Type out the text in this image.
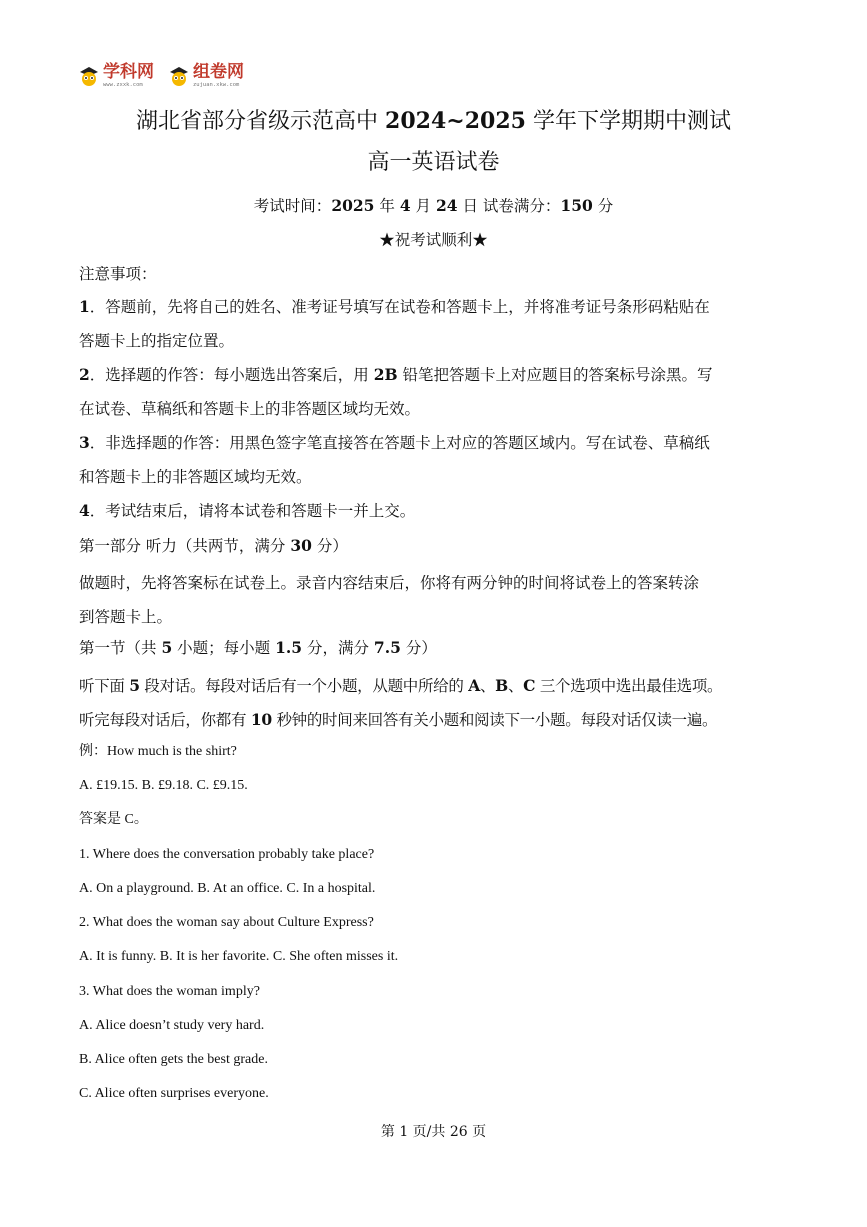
学科网
www.zxxk.com
组卷网
zujuan.xkw.com
湖北省部分省级示范高中 2024~2025 学年下学期期中测试
高一英语试卷
考试时间：2025 年 4 月 24 日 试卷满分：150 分
★祝考试顺利★
注意事项：
1．答题前，先将自己的姓名、准考证号填写在试卷和答题卡上，并将准考证号条形码粘贴在
答题卡上的指定位置。
2．选择题的作答：每小题选出答案后，用 2B 铅笔把答题卡上对应题目的答案标号涂黑。写
在试卷、草稿纸和答题卡上的非答题区域均无效。
3．非选择题的作答：用黑色签字笔直接答在答题卡上对应的答题区域内。写在试卷、草稿纸
和答题卡上的非答题区域均无效。
4．考试结束后，请将本试卷和答题卡一并上交。
第一部分 听力（共两节，满分 30 分）
做题时，先将答案标在试卷上。录音内容结束后，你将有两分钟的时间将试卷上的答案转涂
到答题卡上。
第一节（共 5 小题；每小题 1.5 分，满分 7.5 分）
听下面 5 段对话。每段对话后有一个小题，从题中所给的 A、B、C 三个选项中选出最佳选项。
听完每段对话后，你都有 10 秒钟的时间来回答有关小题和阅读下一小题。每段对话仅读一遍。
例：How much is the shirt?
A. £19.15. B. £9.18. C. £9.15.
答案是 C。
1. Where does the conversation probably take place?
A. On a playground. B. At an office. C. In a hospital.
2. What does the woman say about Culture Express?
A. It is funny. B. It is her favorite. C. She often misses it.
3. What does the woman imply?
A. Alice doesn’t study very hard.
B. Alice often gets the best grade.
C. Alice often surprises everyone.
第 1 页/共 26 页
